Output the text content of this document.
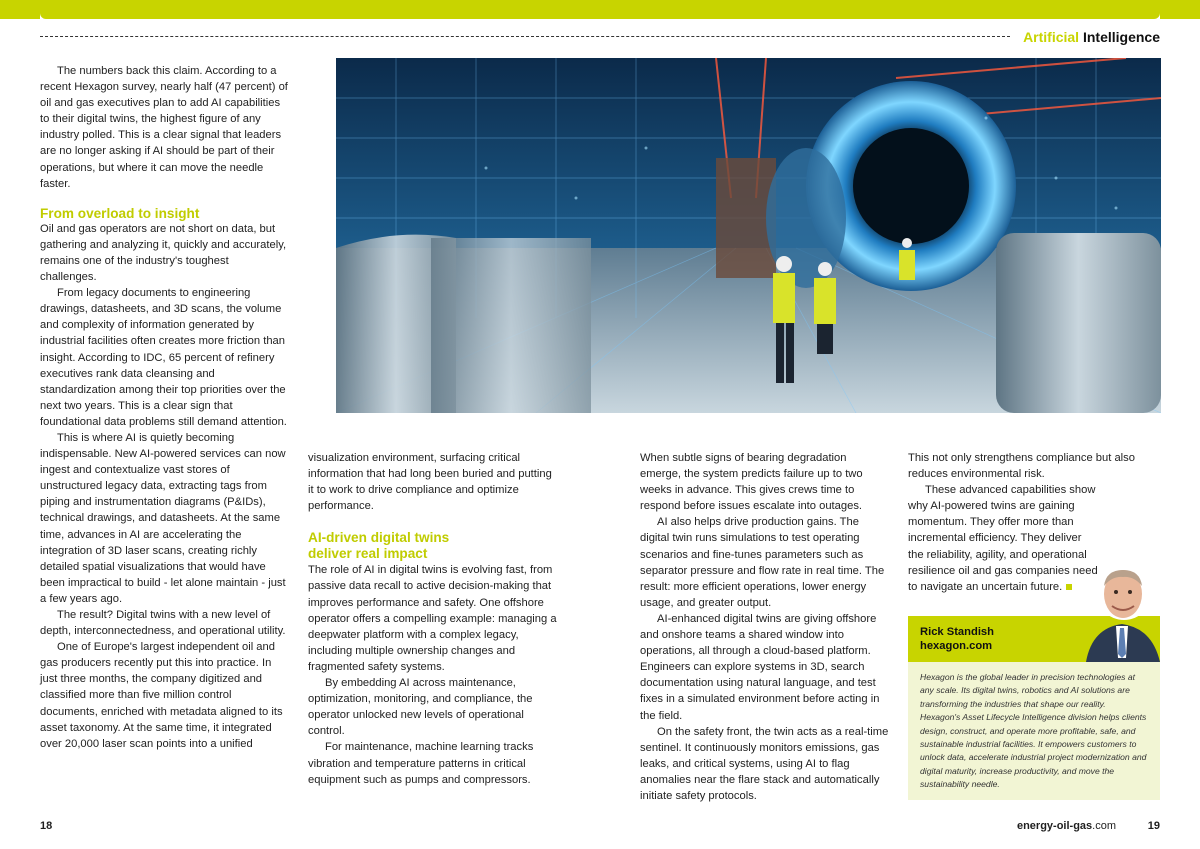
Artificial Intelligence

The numbers back this claim. According to a recent Hexagon survey, nearly half (47 percent) of oil and gas executives plan to add AI capabilities to their digital twins, the highest figure of any industry polled. This is a clear signal that leaders are no longer asking if AI should be part of their operations, but where it can move the needle faster.

From overload to insight

Oil and gas operators are not short on data, but gathering and analyzing it, quickly and accurately, remains one of the industry's toughest challenges.

From legacy documents to engineering drawings, datasheets, and 3D scans, the volume and complexity of information generated by industrial facilities often creates more friction than insight. According to IDC, 65 percent of refinery executives rank data cleansing and standardization among their top priorities over the next two years. This is a clear sign that foundational data problems still demand attention.

This is where AI is quietly becoming indispensable. New AI-powered services can now ingest and contextualize vast stores of unstructured legacy data, extracting tags from piping and instrumentation diagrams (P&IDs), technical drawings, and datasheets. At the same time, advances in AI are accelerating the integration of 3D laser scans, creating richly detailed spatial visualizations that would have been impractical to build - let alone maintain - just a few years ago.

The result? Digital twins with a new level of depth, interconnectedness, and operational utility.

One of Europe's largest independent oil and gas producers recently put this into practice. In just three months, the company digitized and classified more than five million control documents, enriched with metadata aligned to its asset taxonomy. At the same time, it integrated over 20,000 laser scan points into a unified

visualization environment, surfacing critical information that had long been buried and putting it to work to drive compliance and optimize performance.

AI-driven digital twins deliver real impact

The role of AI in digital twins is evolving fast, from passive data recall to active decision-making that improves performance and safety. One offshore operator offers a compelling example: managing a deepwater platform with a complex legacy, including multiple ownership changes and fragmented safety systems.

By embedding AI across maintenance, optimization, monitoring, and compliance, the operator unlocked new levels of operational control.

For maintenance, machine learning tracks vibration and temperature patterns in critical equipment such as pumps and compressors.

When subtle signs of bearing degradation emerge, the system predicts failure up to two weeks in advance. This gives crews time to respond before issues escalate into outages.

AI also helps drive production gains. The digital twin runs simulations to test operating scenarios and fine-tunes parameters such as separator pressure and flow rate in real time. The result: more efficient operations, lower energy usage, and greater output.

AI-enhanced digital twins are giving offshore and onshore teams a shared window into operations, all through a cloud-based platform. Engineers can explore systems in 3D, search documentation using natural language, and test fixes in a simulated environment before acting in the field.

On the safety front, the twin acts as a real-time sentinel. It continuously monitors emissions, gas leaks, and critical systems, using AI to flag anomalies near the flare stack and automatically initiate safety protocols.

This not only strengthens compliance but also reduces environmental risk.

These advanced capabilities show why AI-powered twins are gaining momentum. They offer more than incremental efficiency. They deliver the reliability, agility, and operational resilience oil and gas companies need to navigate an uncertain future.

Rick Standish
hexagon.com
Hexagon is the global leader in precision technologies at any scale. Its digital twins, robotics and AI solutions are transforming the industries that shape our reality. Hexagon's Asset Lifecycle Intelligence division helps clients design, construct, and operate more profitable, safe, and sustainable industrial facilities. It empowers customers to unlock data, accelerate industrial project modernization and digital maturity, increase productivity, and move the sustainability needle.
18	energy-oil-gas.com	19
